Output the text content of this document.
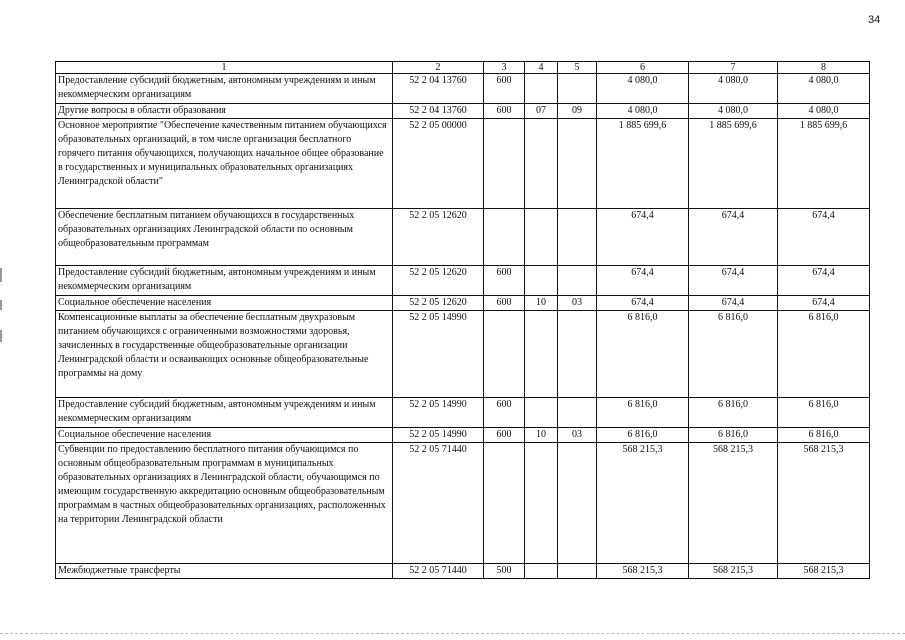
34
1	2	3	4	5	6	7	8
Предоставление субсидий бюджетным, автономным учреждениям и иным некоммерческим организациям	52 2 04 13760	600			4 080,0	4 080,0	4 080,0
Другие вопросы в области образования	52 2 04 13760	600	07	09	4 080,0	4 080,0	4 080,0
Основное мероприятие "Обеспечение качественным питанием обучающихся образовательных организаций, в том числе организация бесплатного горячего питания обучающихся, получающих начальное общее образование в государственных и муниципальных образовательных организациях Ленинградской области"	52 2 05 00000				1 885 699,6	1 885 699,6	1 885 699,6
Обеспечение бесплатным питанием обучающихся в государственных образовательных организациях Ленинградской области по основным общеобразовательным программам	52 2 05 12620				674,4	674,4	674,4
Предоставление субсидий бюджетным, автономным учреждениям и иным некоммерческим организациям	52 2 05 12620	600			674,4	674,4	674,4
Социальное обеспечение населения	52 2 05 12620	600	10	03	674,4	674,4	674,4
Компенсационные выплаты за обеспечение бесплатным двухразовым питанием обучающихся с ограниченными возможностями здоровья, зачисленных в государственные общеобразовательные организации Ленинградской области и осваивающих основные общеобразовательные программы на дому	52 2 05 14990				6 816,0	6 816,0	6 816,0
Предоставление субсидий бюджетным, автономным учреждениям и иным некоммерческим организациям	52 2 05 14990	600			6 816,0	6 816,0	6 816,0
Социальное обеспечение населения	52 2 05 14990	600	10	03	6 816,0	6 816,0	6 816,0
Субвенции по предоставлению бесплатного питания обучающимся по основным общеобразовательным программам в муниципальных образовательных организациях в Ленинградской области, обучающимся по имеющим государственную аккредитацию основным общеобразовательным программам в частных общеобразовательных организациях, расположенных на территории Ленинградской области	52 2 05 71440				568 215,3	568 215,3	568 215,3
Межбюджетные трансферты	52 2 05 71440	500			568 215,3	568 215,3	568 215,3
